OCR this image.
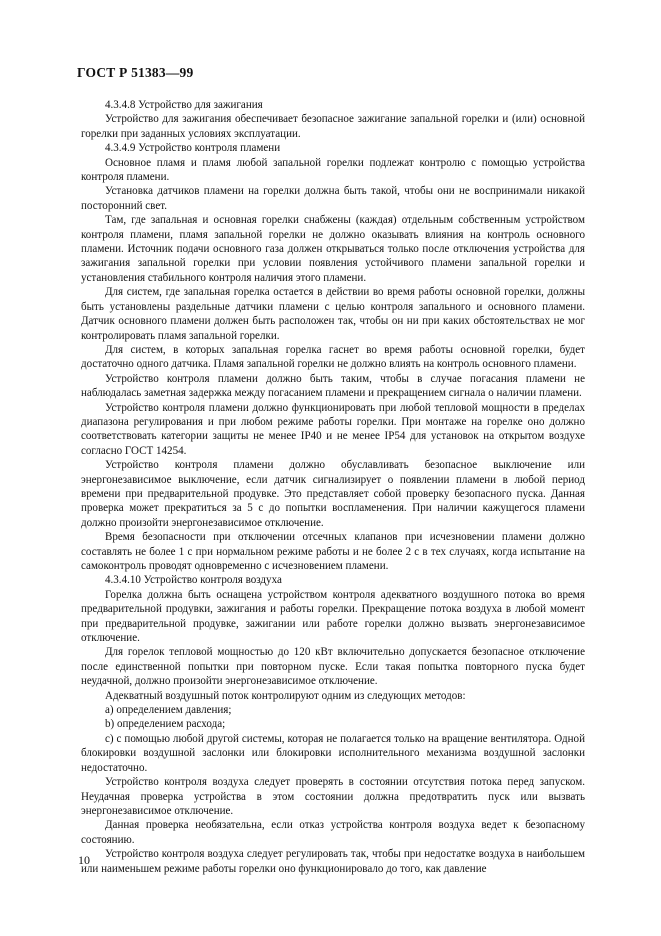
ГОСТ Р 51383—99

4.3.4.8 Устройство для зажигания

Устройство для зажигания обеспечивает безопасное зажигание запальной горелки и (или) основной горелки при заданных условиях эксплуатации.

4.3.4.9 Устройство контроля пламени

Основное пламя и пламя любой запальной горелки подлежат контролю с помощью устройства контроля пламени.

Установка датчиков пламени на горелки должна быть такой, чтобы они не воспринимали никакой посторонний свет.

Там, где запальная и основная горелки снабжены (каждая) отдельным собственным устройством контроля пламени, пламя запальной горелки не должно оказывать влияния на контроль основного пламени. Источник подачи основного газа должен открываться только после отключения устройства для зажигания запальной горелки при условии появления устойчивого пламени запальной горелки и установления стабильного контроля наличия этого пламени.

Для систем, где запальная горелка остается в действии во время работы основной горелки, должны быть установлены раздельные датчики пламени с целью контроля запального и основного пламени. Датчик основного пламени должен быть расположен так, чтобы он ни при каких обстоятельствах не мог контролировать пламя запальной горелки.

Для систем, в которых запальная горелка гаснет во время работы основной горелки, будет достаточно одного датчика. Пламя запальной горелки не должно влиять на контроль основного пламени.

Устройство контроля пламени должно быть таким, чтобы в случае погасания пламени не наблюдалась заметная задержка между погасанием пламени и прекращением сигнала о наличии пламени.

Устройство контроля пламени должно функционировать при любой тепловой мощности в пределах диапазона регулирования и при любом режиме работы горелки. При монтаже на горелке оно должно соответствовать категории защиты не менее IP40 и не менее IP54 для установок на открытом воздухе согласно ГОСТ 14254.

Устройство контроля пламени должно обуславливать безопасное выключение или энергонезависимое выключение, если датчик сигнализирует о появлении пламени в любой период времени при предварительной продувке. Это представляет собой проверку безопасного пуска. Данная проверка может прекратиться за 5 с до попытки воспламенения. При наличии кажущегося пламени должно произойти энергонезависимое отключение.

Время безопасности при отключении отсечных клапанов при исчезновении пламени должно составлять не более 1 с при нормальном режиме работы и не более 2 с в тех случаях, когда испытание на самоконтроль проводят одновременно с исчезновением пламени.

4.3.4.10 Устройство контроля воздуха

Горелка должна быть оснащена устройством контроля адекватного воздушного потока во время предварительной продувки, зажигания и работы горелки. Прекращение потока воздуха в любой момент при предварительной продувке, зажигании или работе горелки должно вызвать энергонезависимое отключение.

Для горелок тепловой мощностью до 120 кВт включительно допускается безопасное отключение после единственной попытки при повторном пуске. Если такая попытка повторного пуска будет неудачной, должно произойти энергонезависимое отключение.

Адекватный воздушный поток контролируют одним из следующих методов:

a) определением давления;

b) определением расхода;

c) с помощью любой другой системы, которая не полагается только на вращение вентилятора. Одной блокировки воздушной заслонки или блокировки исполнительного механизма воздушной заслонки недостаточно.

Устройство контроля воздуха следует проверять в состоянии отсутствия потока перед запуском. Неудачная проверка устройства в этом состоянии должна предотвратить пуск или вызвать энергонезависимое отключение.

Данная проверка необязательна, если отказ устройства контроля воздуха ведет к безопасному состоянию.

Устройство контроля воздуха следует регулировать так, чтобы при недостатке воздуха в наибольшем или наименьшем режиме работы горелки оно функционировало до того, как давление

10
